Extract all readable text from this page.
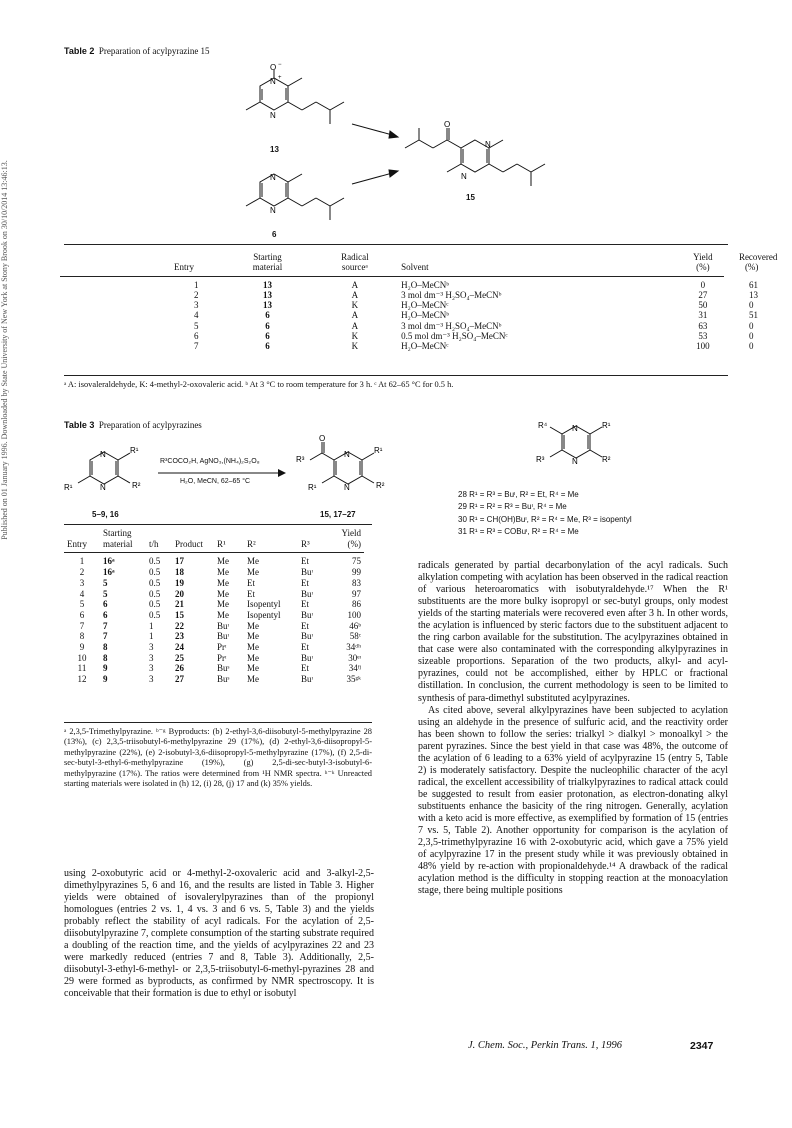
Published on 01 January 1996. Downloaded by State University of New York at Stony Brook on 30/10/2014 13:46:13.
Table 2 Preparation of acylpyrazine 15
N +
O −
N
13
N
N
6
O
N
N
15
	Starting	Radical		Yield	Recovered
Entry	material	sourceᵃ	Solvent	(%)	(%)

1	13	A	H₂O–MeCNᵇ	0	61
2	13	A	3 mol dm⁻³ H₂SO₄–MeCNᵇ	27	13
3	13	K	H₂O–MeCNᶜ	50	0
4	6	A	H₂O–MeCNᵇ	31	51
5	6	A	3 mol dm⁻³ H₂SO₄–MeCNᵇ	63	0
6	6	K	0.5 mol dm⁻³ H₂SO₄–MeCNᶜ	53	0
7	6	K	H₂O–MeCNᶜ	100	0
ᵃ A: isovaleraldehyde, K: 4-methyl-2-oxovaleric acid. ᵇ At 3 °C to room temperature for 3 h. ᶜ At 62–65 °C for 0.5 h.
Table 3 Preparation of acylpyrazines
N
N
R¹
R²
R¹
5–9, 16
R³COCO₂H, AgNO₃,(NH₄)₂S₂O₈
H₂O, MeCN, 62–65 °C
O
N
N
R³
R¹
R²
R¹
15, 17–27
	Starting						Yield
Entry	material	t/h	Product	R¹	R²	R³	(%)

1	16ᵃ	0.5	17	Me	Me	Et	75
2	16ᵃ	0.5	18	Me	Me	Buᶦ	99
3	5	0.5	19	Me	Et	Et	83
4	5	0.5	20	Me	Et	Buᶦ	97
5	6	0.5	21	Me	Isopentyl	Et	86
6	6	0.5	15	Me	Isopentyl	Buᶦ	100
7	7	1	22	Buᶦ	Me	Et	46ᵇ
8	7	1	23	Buᶦ	Me	Buᶦ	58ᶜ
9	8	3	24	Prᶦ	Me	Et	34ᵈʰ
10	8	3	25	Prᶦ	Me	Buᶦ	30ᵉᶦ
11	9	3	26	Buˢ	Me	Et	34ᶠʲ
12	9	3	27	Buˢ	Me	Buᶦ	35ᵍᵏ
ᵃ 2,3,5-Trimethylpyrazine. ᵇ⁻ᵍ Byproducts: (b) 2-ethyl-3,6-diisobutyl-5-methylpyrazine 28 (13%), (c) 2,3,5-triisobutyl-6-methylpyrazine 29 (17%), (d) 2-ethyl-3,6-diisopropyl-5-methylpyrazine (22%), (e) 2-isobutyl-3,6-diisopropyl-5-methylpyrazine (17%), (f) 2,5-di-sec-butyl-3-ethyl-6-methylpyrazine (19%), (g) 2,5-di-sec-butyl-3-isobutyl-6-methylpyrazine (17%). The ratios were determined from ¹H NMR spectra. ʰ⁻ᵏ Unreacted starting materials were isolated in (h) 12, (i) 28, (j) 17 and (k) 35% yields.
N
N
R¹
R⁴
R³	R²
28 R¹ = R³ = Buᶦ, R² = Et, R⁴ = Me
29 R¹ = R² = R³ = Buᶦ, R⁴ = Me
30 R¹ = CH(OH)Buᶦ, R² = R⁴ = Me, R³ = isopentyl
31 R¹ = R³ = COBuᶦ, R² = R⁴ = Me

using 2-oxobutyric acid or 4-methyl-2-oxovaleric acid and 3-alkyl-2,5-dimethylpyrazines 5, 6 and 16, and the results are listed in Table 3. Higher yields were obtained of isovalerylpyrazines than of the propionyl homologues (entries 2 vs. 1, 4 vs. 3 and 6 vs. 5, Table 3) and the yields probably reflect the stability of acyl radicals. For the acylation of 2,5-diisobutylpyrazine 7, complete consumption of the starting substrate required a doubling of the reaction time, and the yields of acylpyrazines 22 and 23 were markedly reduced (entries 7 and 8, Table 3). Additionally, 2,5-diisobutyl-3-ethyl-6-methyl- or 2,3,5-triisobutyl-6-methyl-pyrazines 28 and 29 were formed as byproducts, as confirmed by NMR spectroscopy. It is conceivable that their formation is due to ethyl or isobutyl

radicals generated by partial decarbonylation of the acyl radicals. Such alkylation competing with acylation has been observed in the radical reaction of various heteroaromatics with isobutyraldehyde.¹⁷ When the R¹ substituents are the more bulky isopropyl or sec-butyl groups, only modest yields of the starting materials were recovered even after 3 h. In other words, the acylation is influenced by steric factors due to the substituent adjacent to the ring carbon available for the substitution. The acylpyrazines obtained in that case were also contaminated with the corresponding alkylpyrazines in sizeable proportions. Separation of the two products, alkyl- and acyl-pyrazines, could not be accomplished, either by HPLC or fractional distillation. In conclusion, the current methodology is seen to be limited to synthesis of para-dimethyl substituted acylpyrazines.

As cited above, several alkylpyrazines have been subjected to acylation using an aldehyde in the presence of sulfuric acid, and the reactivity order has been shown to follow the series: trialkyl > dialkyl > monoalkyl > the parent pyrazines. Since the best yield in that case was 48%, the outcome of the acylation of 6 leading to a 63% yield of acylpyrazine 15 (entry 5, Table 2) is moderately satisfactory. Despite the nucleophilic character of the acyl radical, the excellent accessibility of trialkylpyrazines to radical attack could be suggested to result from easier protonation, as electron-donating alkyl substituents enhance the basicity of the ring nitrogen. Generally, acylation with a keto acid is more effective, as exemplified by formation of 15 (entries 7 vs. 5, Table 2). Another opportunity for comparison is the acylation of 2,3,5-trimethylpyrazine 16 with 2-oxobutyric acid, which gave a 75% yield of acylpyrazine 17 in the present study while it was previously obtained in 48% yield by re-action with propionaldehyde.¹⁴ A drawback of the radical acylation method is the difficulty in stopping reaction at the monoacylation stage, there being multiple positions

J. Chem. Soc., Perkin Trans. 1, 1996	2347
